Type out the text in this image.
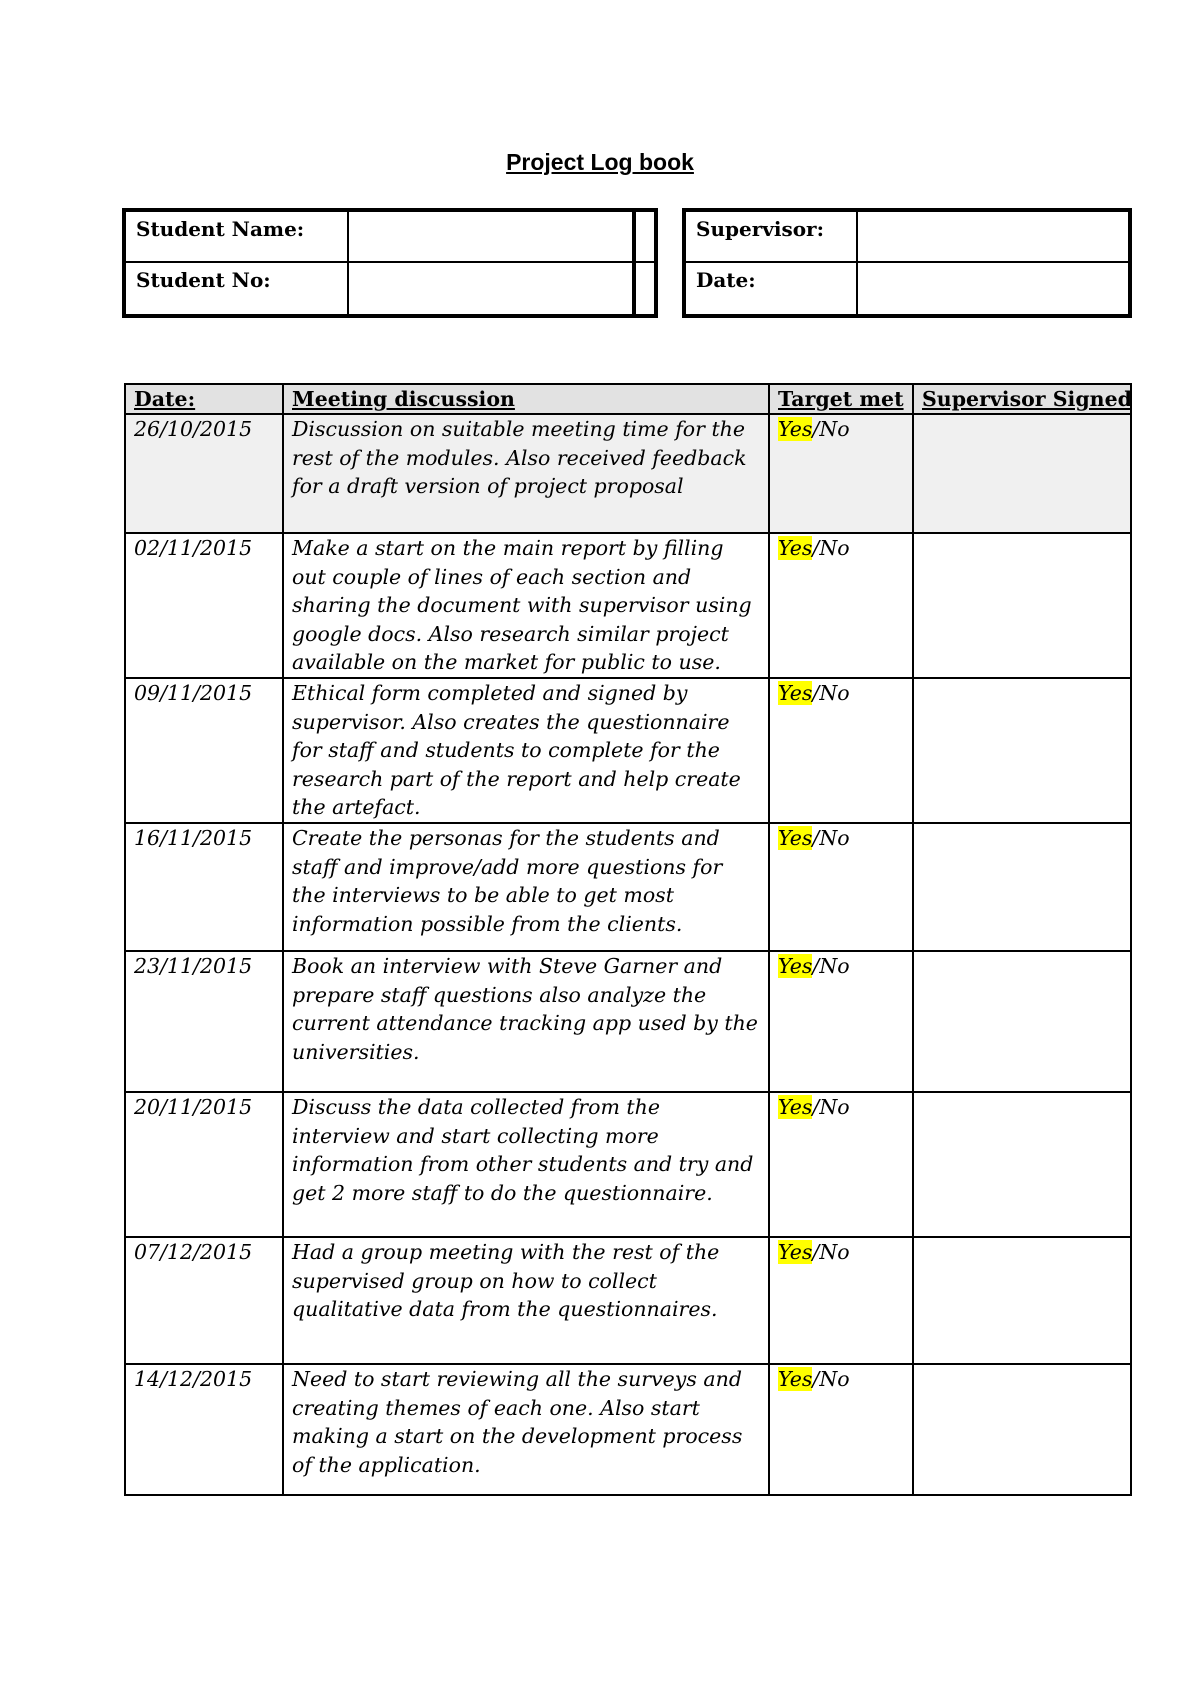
Project Log book
Student Name:
Student No:
Supervisor:
Date:
Date:	Meeting discussion	Target met	Supervisor Signed
26/10/2015	Discussion on suitable meeting time for the rest of the modules. Also received feedback for a draft version of project proposal	Yes/No	
02/11/2015	Make a start on the main report by filling out couple of lines of each section and sharing the document with supervisor using google docs. Also research similar project available on the market for public to use.	Yes/No	
09/11/2015	Ethical form completed and signed by supervisor. Also creates the questionnaire for staff and students to complete for the research part of the report and help create the artefact.	Yes/No	
16/11/2015	Create the personas for the students and staff and improve/add more questions for the interviews to be able to get most information possible from the clients.	Yes/No	
23/11/2015	Book an interview with Steve Garner and prepare staff questions also analyze the current attendance tracking app used by the universities.	Yes/No	
20/11/2015	Discuss the data collected from the interview and start collecting more information from other students and try and get 2 more staff to do the questionnaire.	Yes/No	
07/12/2015	Had a group meeting with the rest of the supervised group on how to collect qualitative data from the questionnaires.	Yes/No	
14/12/2015	Need to start reviewing all the surveys and creating themes of each one. Also start making a start on the development process of the application.	Yes/No	
